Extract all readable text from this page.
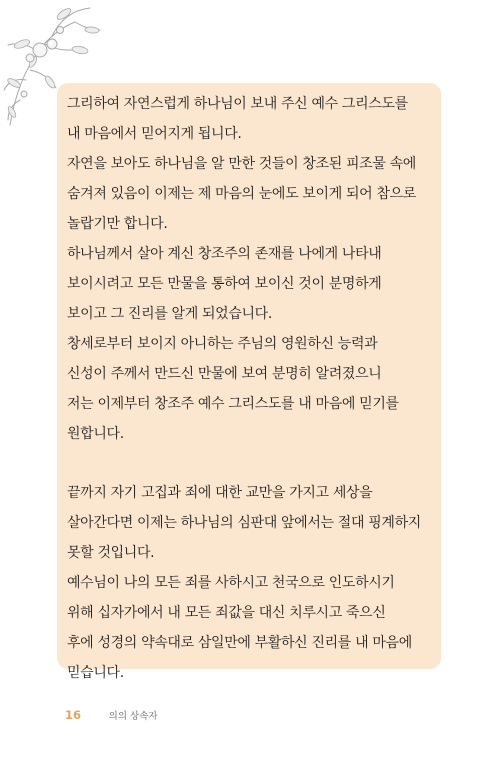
그리하여 자연스럽게 하나님이 보내 주신 예수 그리스도를
내 마음에서 믿어지게 됩니다.
자연을 보아도 하나님을 알 만한 것들이 창조된 피조물 속에
숨겨져 있음이 이제는 제 마음의 눈에도 보이게 되어 참으로
놀랍기만 합니다.
하나님께서 살아 계신 창조주의 존재를 나에게 나타내
보이시려고 모든 만물을 통하여 보이신 것이 분명하게
보이고 그 진리를 알게 되었습니다.
창세로부터 보이지 아니하는 주님의 영원하신 능력과
신성이 주께서 만드신 만물에 보여 분명히 알려졌으니
저는 이제부터 창조주 예수 그리스도를 내 마음에 믿기를
원합니다.
끝까지 자기 고집과 죄에 대한 교만을 가지고 세상을
살아간다면 이제는 하나님의 심판대 앞에서는 절대 핑계하지
못할 것입니다.
예수님이 나의 모든 죄를 사하시고 천국으로 인도하시기
위해 십자가에서 내 모든 죄값을 대신 치루시고 죽으신
후에 성경의 약속대로 삼일만에 부활하신 진리를 내 마음에
믿습니다.
16	의의 상속자
